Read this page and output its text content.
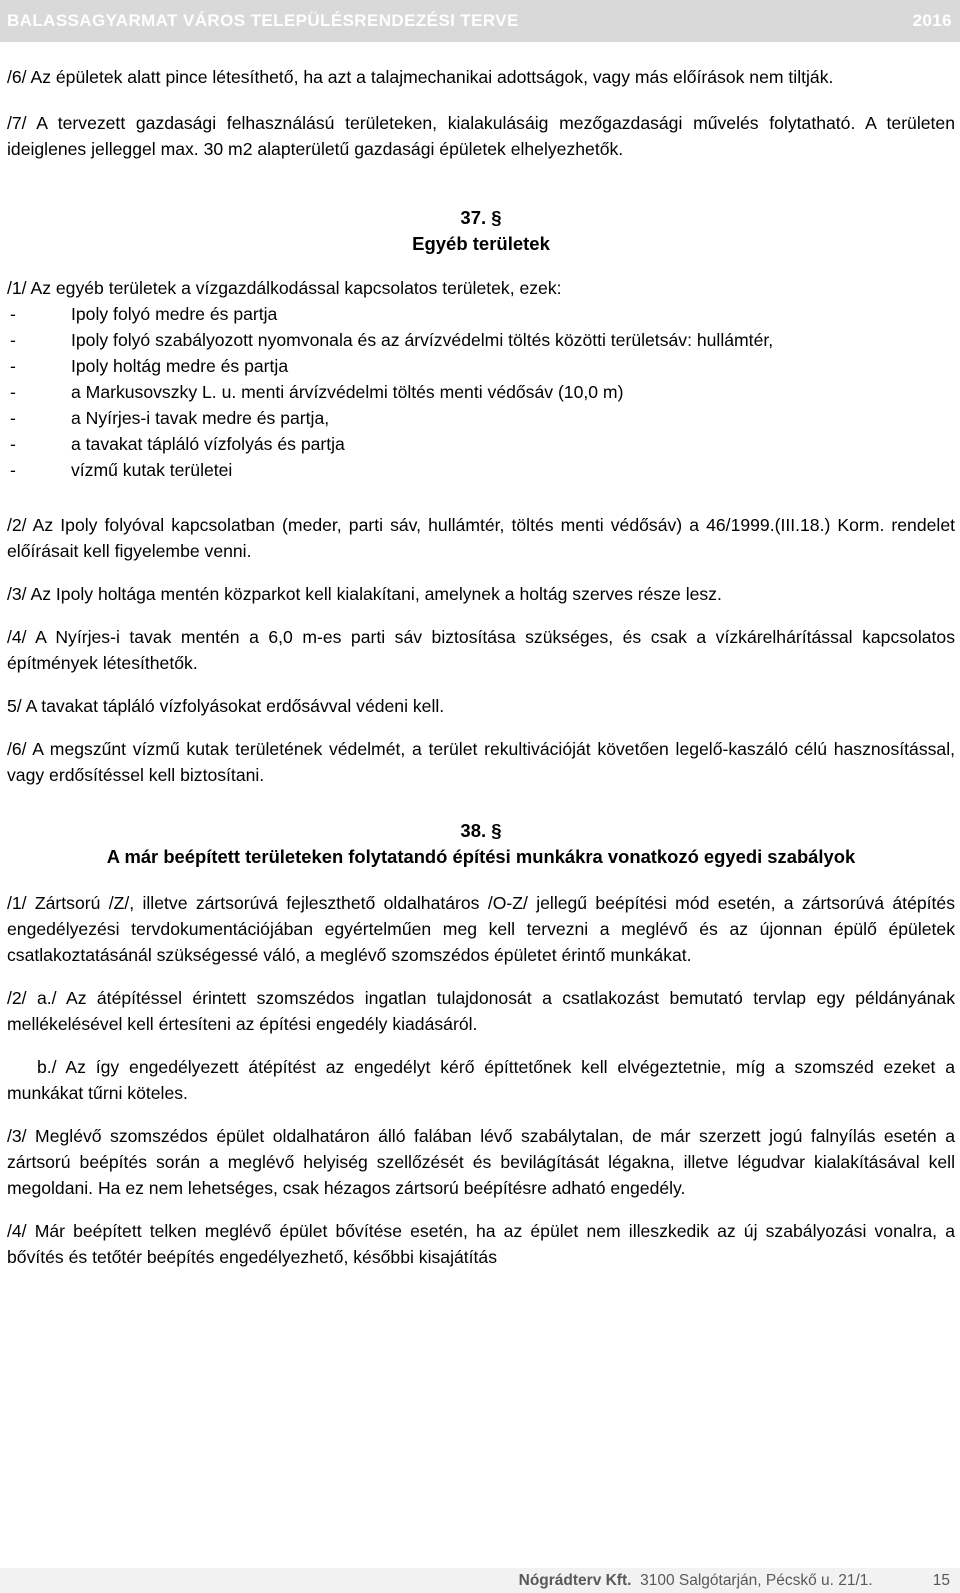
BALASSAGYARMAT VÁROS TELEPÜLÉSRENDEZÉSI TERVE	2016

/6/ Az épületek alatt pince létesíthető, ha azt a talajmechanikai adottságok, vagy más előírások nem tiltják.

/7/ A tervezett gazdasági felhasználású területeken, kialakulásáig mezőgazdasági művelés folytatható. A területen ideiglenes jelleggel max. 30 m2 alapterületű gazdasági épületek elhelyezhetők.

37. §

Egyéb területek

/1/ Az egyéb területek a vízgazdálkodással kapcsolatos területek, ezek:

-	Ipoly folyó medre és partja
-	Ipoly folyó szabályozott nyomvonala és az árvízvédelmi töltés közötti területsáv: hullámtér,
-	Ipoly holtág medre és partja
-	a Markusovszky L. u. menti árvízvédelmi töltés menti védősáv (10,0 m)
-	a Nyírjes-i tavak medre és partja,
-	a tavakat tápláló vízfolyás és partja
-	vízmű kutak területei

/2/ Az Ipoly folyóval kapcsolatban (meder, parti sáv, hullámtér, töltés menti védősáv) a 46/1999.(III.18.) Korm. rendelet előírásait kell figyelembe venni.

/3/ Az Ipoly holtága mentén közparkot kell kialakítani, amelynek a holtág szerves része lesz.

/4/ A Nyírjes-i tavak mentén a 6,0 m-es parti sáv biztosítása szükséges, és csak a vízkárelhárítással kapcsolatos építmények létesíthetők.

5/ A tavakat tápláló vízfolyásokat erdősávval védeni kell.

/6/ A megszűnt vízmű kutak területének védelmét, a terület rekultivációját követően legelő-kaszáló célú hasznosítással, vagy erdősítéssel kell biztosítani.

38. §

A már beépített területeken folytatandó építési munkákra vonatkozó egyedi szabályok

/1/ Zártsorú /Z/, illetve zártsorúvá fejleszthető oldalhatáros /O-Z/ jellegű beépítési mód esetén, a zártsorúvá átépítés engedélyezési tervdokumentációjában egyértelműen meg kell tervezni a meglévő és az újonnan épülő épületek csatlakoztatásánál szükségessé váló, a meglévő szomszédos épületet érintő munkákat.

/2/ a./ Az átépítéssel érintett szomszédos ingatlan tulajdonosát a csatlakozást bemutató tervlap egy példányának mellékelésével kell értesíteni az építési engedély kiadásáról.

b./ Az így engedélyezett átépítést az engedélyt kérő építtetőnek kell elvégeztetnie, míg a szomszéd ezeket a munkákat tűrni köteles.

/3/ Meglévő szomszédos épület oldalhatáron álló falában lévő szabálytalan, de már szerzett jogú falnyílás esetén a zártsorú beépítés során a meglévő helyiség szellőzését és bevilágítását légakna, illetve légudvar kialakításával kell megoldani. Ha ez nem lehetséges, csak hézagos zártsorú beépítésre adható engedély.

/4/ Már beépített telken meglévő épület bővítése esetén, ha az épület nem illeszkedik az új szabályozási vonalra, a bővítés és tetőtér beépítés engedélyezhető, későbbi kisajátítás

Nógrádterv Kft. 3100 Salgótarján, Pécskő u. 21/1.	15
